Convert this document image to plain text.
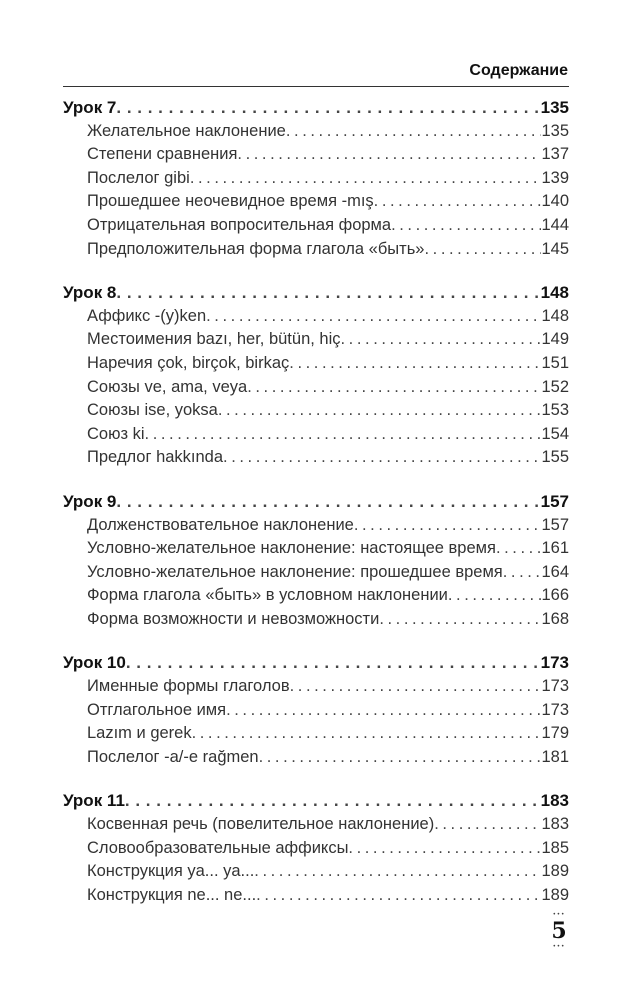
Содержание
Урок 7 . . .	135
Желательное наклонение . . .	135
Степени сравнения . . .	137
Послелог gibi . . .	139
Прошедшее неочевидное время -mış . . .	140
Отрицательная вопросительная форма . . .	144
Предположительная форма глагола «быть» . . .	145
Урок 8 . . .	148
Аффикс -(y)ken . . .	148
Местоимения bazı, her, bütün, hiç . . .	149
Наречия çok, birçok, birkaç . . .	151
Союзы ve, ama, veya . . .	152
Союзы ise, yoksa . . .	153
Союз ki . . .	154
Предлог hakkında . . .	155
Урок 9 . . .	157
Долженствовательное наклонение . . .	157
Условно-желательное наклонение: настоящее время . . .	161
Условно-желательное наклонение: прошедшее время . . . 164
Форма глагола «быть» в условном наклонении . . .	166
Форма возможности и невозможности . . .	168
Урок 10 . . .	173
Именные формы глаголов . . .	173
Отглагольное имя . . .	173
Lazım и gerek . . .	179
Послелог -a/-e rağmen . . .	181
Урок 11 . . .	183
Косвенная речь (повелительное наклонение) . . .	183
Словообразовательные аффиксы . . .	185
Конструкция ya... ya... . . .	189
Конструкция ne... ne... . . .	189
···
5
···
